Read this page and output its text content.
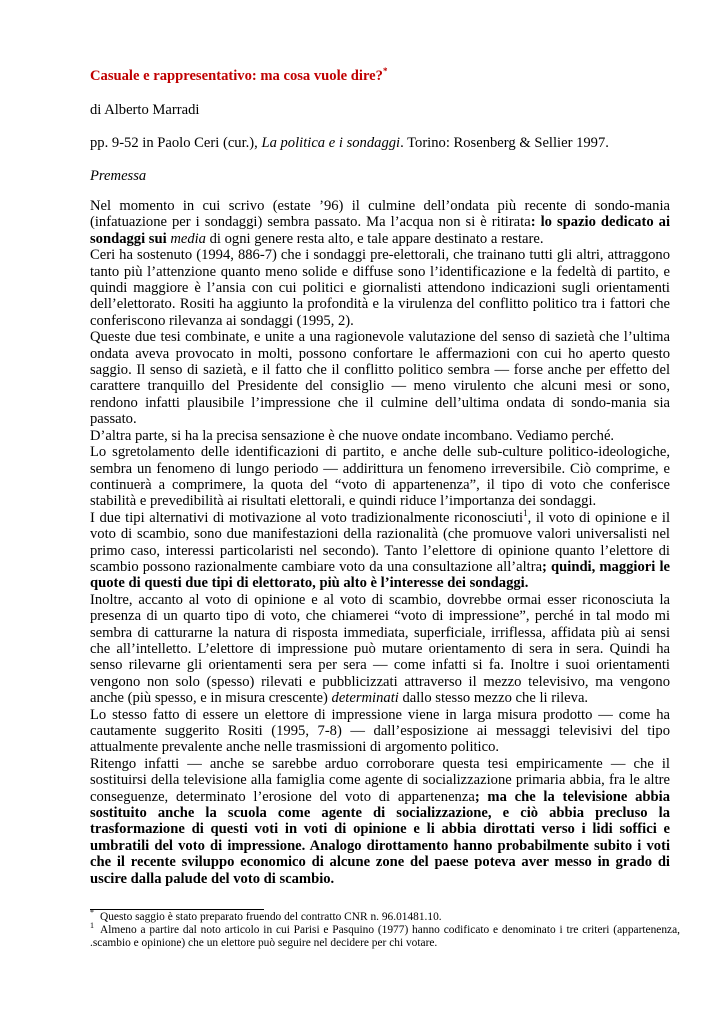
Casuale e rappresentativo: ma cosa vuole dire?*
di Alberto Marradi
pp. 9-52 in Paolo Ceri (cur.), La politica e i sondaggi. Torino: Rosenberg & Sellier 1997.
Premessa

Nel momento in cui scrivo (estate ’96) il culmine dell’ondata più recente di sondo-mania (infatuazione per i sondaggi) sembra passato. Ma l’acqua non si è ritirata: lo spazio dedicato ai sondaggi sui media di ogni genere resta alto, e tale appare destinato a restare.

Ceri ha sostenuto (1994, 886-7) che i sondaggi pre-elettorali, che trainano tutti gli altri, attraggono tanto più l’attenzione quanto meno solide e diffuse sono l’identificazione e la fedeltà di partito, e quindi maggiore è l’ansia con cui politici e giornalisti attendono indicazioni sugli orientamenti dell’elettorato. Rositi ha aggiunto la profondità e la virulenza del conflitto politico tra i fattori che conferiscono rilevanza ai sondaggi (1995, 2).

Queste due tesi combinate, e unite a una ragionevole valutazione del senso di sazietà che l’ultima ondata aveva provocato in molti, possono confortare le affermazioni con cui ho aperto questo saggio. Il senso di sazietà, e il fatto che il conflitto politico sembra — forse anche per effetto del carattere tranquillo del Presidente del consiglio — meno virulento che alcuni mesi or sono, rendono infatti plausibile l’impressione che il culmine dell’ultima ondata di sondo-mania sia passato.

D’altra parte, si ha la precisa sensazione è che nuove ondate incombano. Vediamo perché.

Lo sgretolamento delle identificazioni di partito, e anche delle sub-culture politico-ideologiche, sembra un fenomeno di lungo periodo — addirittura un fenomeno irreversibile. Ciò comprime, e continuerà a comprimere, la quota del “voto di appartenenza”, il tipo di voto che conferisce stabilità e prevedibilità ai risultati elettorali, e quindi riduce l’importanza dei sondaggi.

I due tipi alternativi di motivazione al voto tradizionalmente riconosciuti$^1$, il voto di opinione e il voto di scambio, sono due manifestazioni della razionalità (che promuove valori universalisti nel primo caso, interessi particolaristi nel secondo). Tanto l’elettore di opinione quanto l’elettore di scambio possono razionalmente cambiare voto da una consultazione all’altra; quindi, maggiori le quote di questi due tipi di elettorato, più alto è l’interesse dei sondaggi.

Inoltre, accanto al voto di opinione e al voto di scambio, dovrebbe ormai esser riconosciuta la presenza di un quarto tipo di voto, che chiamerei “voto di impressione”, perché in tal modo mi sembra di catturarne la natura di risposta immediata, superficiale, irriflessa, affidata più ai sensi che all’intelletto. L’elettore di impressione può mutare orientamento di sera in sera. Quindi ha senso rilevarne gli orientamenti sera per sera — come infatti si fa. Inoltre i suoi orientamenti vengono non solo (spesso) rilevati e pubblicizzati attraverso il mezzo televisivo, ma vengono anche (più spesso, e in misura crescente) determinati dallo stesso mezzo che li rileva.

Lo stesso fatto di essere un elettore di impressione viene in larga misura prodotto — come ha cautamente suggerito Rositi (1995, 7-8) — dall’esposizione ai messaggi televisivi del tipo attualmente prevalente anche nelle trasmissioni di argomento politico.

Ritengo infatti — anche se sarebbe arduo corroborare questa tesi empiricamente — che il sostituirsi della televisione alla famiglia come agente di socializzazione primaria abbia, fra le altre conseguenze, determinato l’erosione del voto di appartenenza; ma che la televisione abbia sostituito anche la scuola come agente di socializzazione, e ciò abbia precluso la trasformazione di questi voti in voti di opinione e li abbia dirottati verso i lidi soffici e umbratili del voto di impressione. Analogo dirottamento hanno probabilmente subito i voti che il recente sviluppo economico di alcune zone del paese poteva aver messo in grado di uscire dalla palude del voto di scambio.

* Questo saggio è stato preparato fruendo del contratto CNR n. 96.01481.10.

$^1$ Almeno a partire dal noto articolo in cui Parisi e Pasquino (1977) hanno codificato e denominato i tre criteri (appartenenza, .scambio e opinione) che un elettore può seguire nel decidere per chi votare.
